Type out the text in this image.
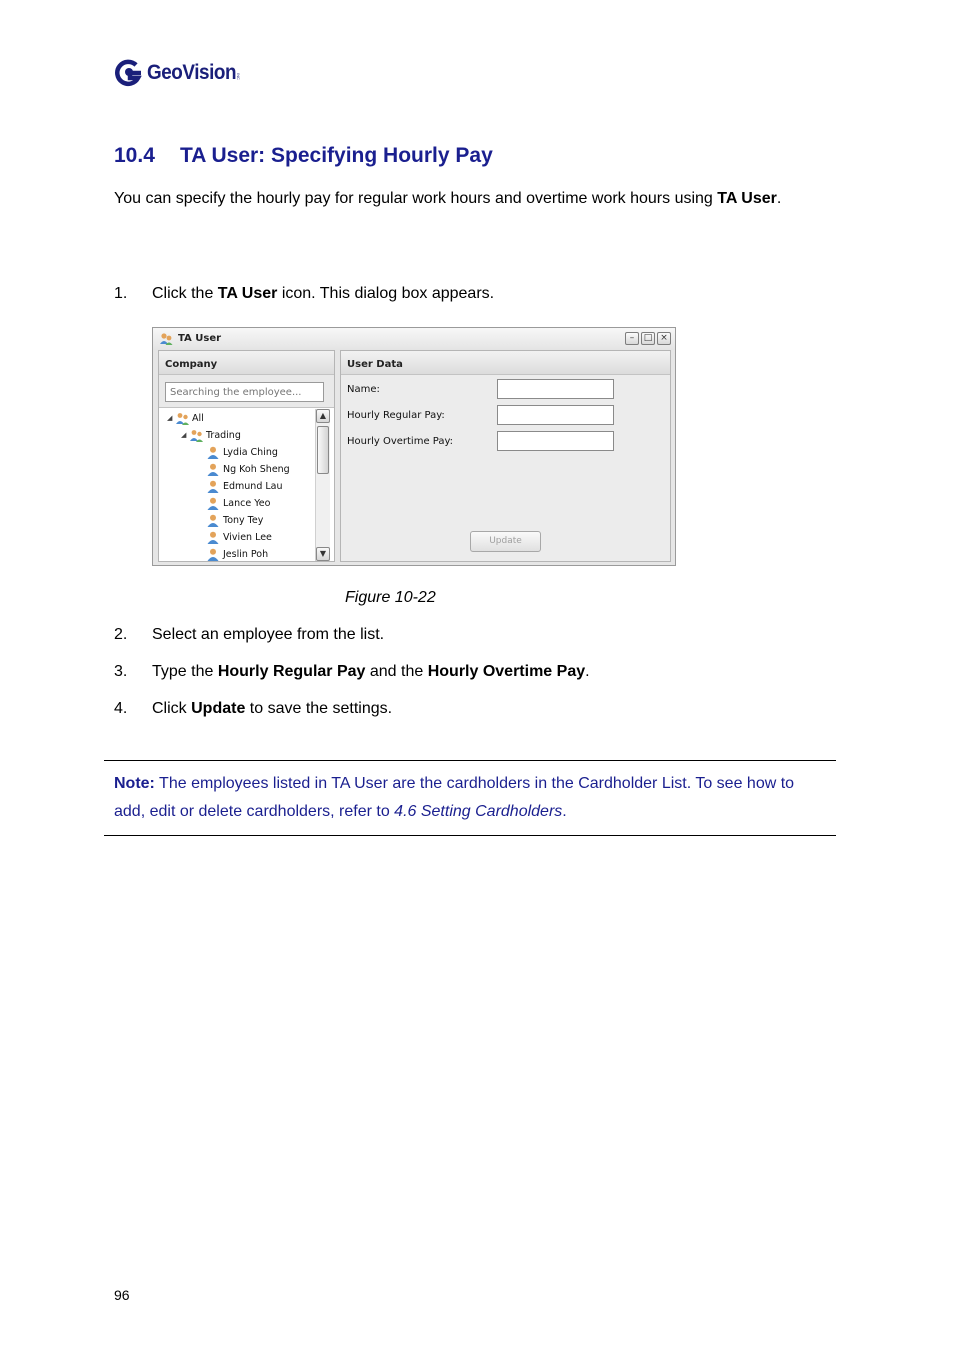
GeoVision INC
10.4 TA User: Specifying Hourly Pay
You can specify the hourly pay for regular work hours and overtime work hours using TA User.
1. Click the TA User icon. This dialog box appears.
TA User	–	□ ×
Company
Searching the employee...
◢ All
◢ Trading
Lydia Ching
Ng Koh Sheng
Edmund Lau
Lance Yeo
Tony Tey
Vivien Lee
Jeslin Poh
▲
▼
User Data
Name:
Hourly Regular Pay:
Hourly Overtime Pay:
Update
Figure 10-22
2. Select an employee from the list.
3. Type the Hourly Regular Pay and the Hourly Overtime Pay.
4. Click Update to save the settings.
Note: The employees listed in TA User are the cardholders in the Cardholder List. To see how to add, edit or delete cardholders, refer to 4.6 Setting Cardholders.
96
